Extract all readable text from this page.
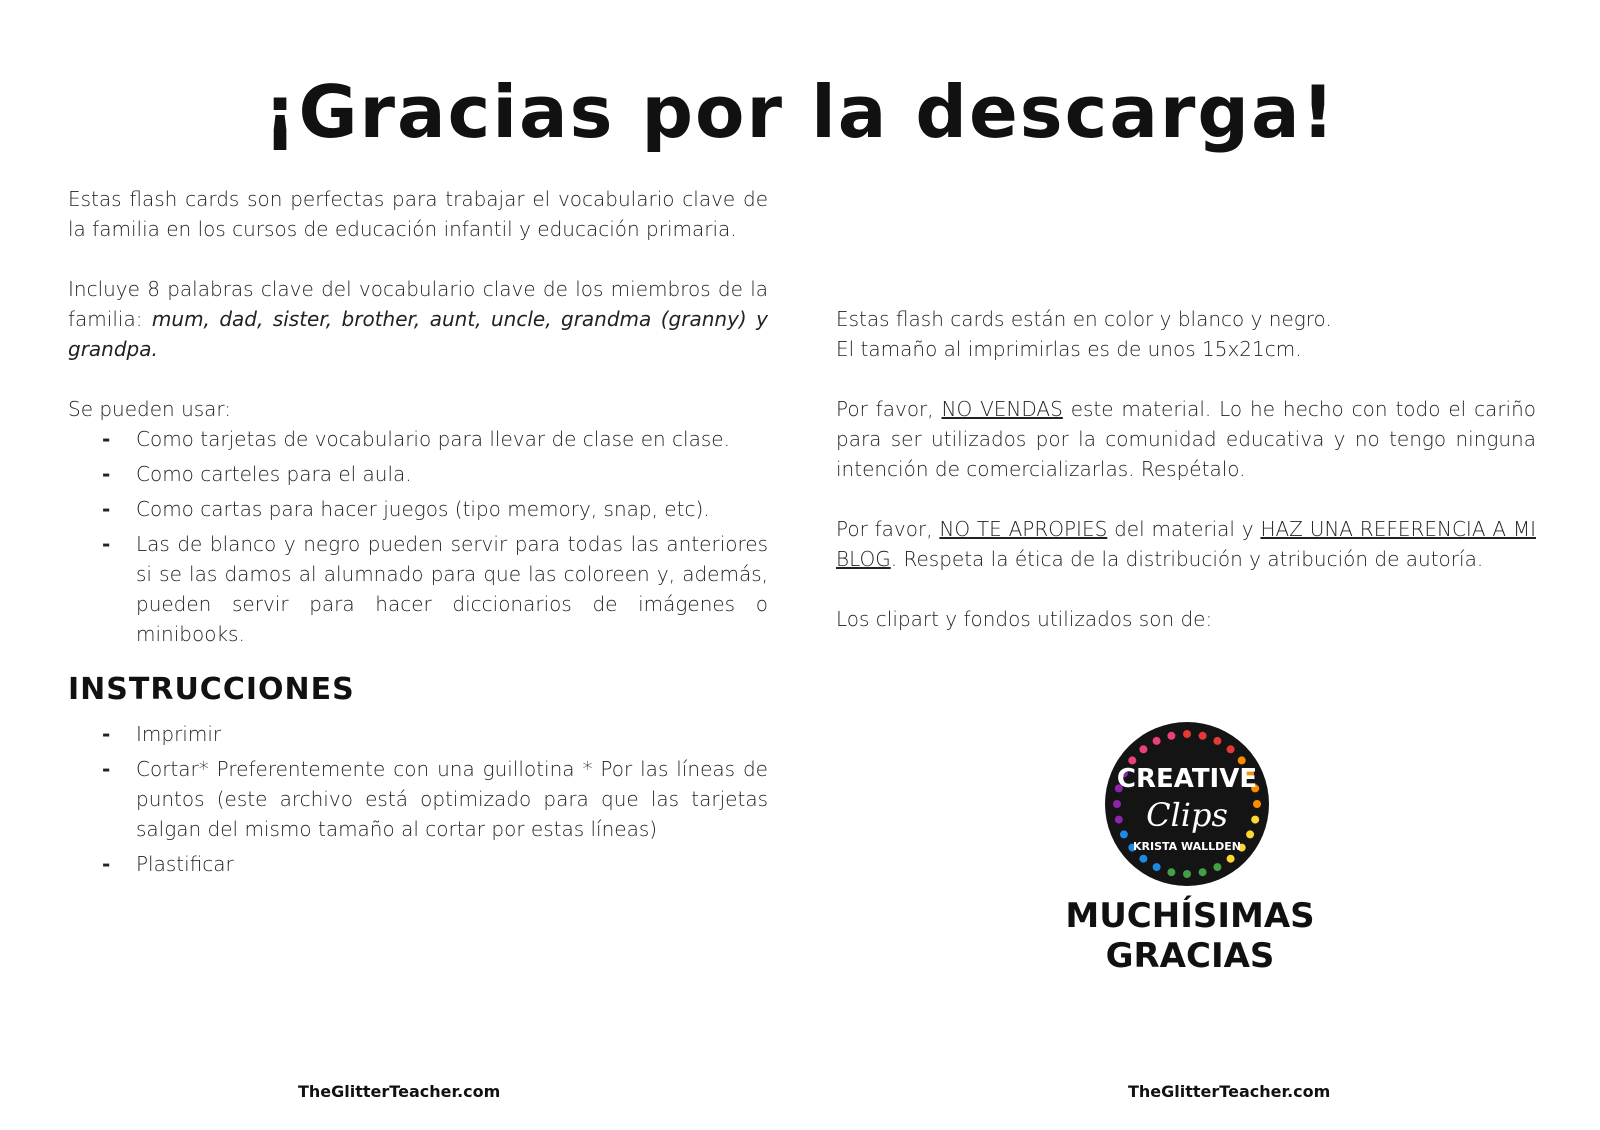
¡Gracias por la descarga!

Estas flash cards son perfectas para trabajar el vocabulario clave de la familia en los cursos de educación infantil y educación primaria.

Incluye 8 palabras clave del vocabulario clave de los miembros de la familia: mum, dad, sister, brother, aunt, uncle, grandma (granny) y grandpa.

Se pueden usar:

- Como tarjetas de vocabulario para llevar de clase en clase.
- Como carteles para el aula.
- Como cartas para hacer juegos (tipo memory, snap, etc).
- Las de blanco y negro pueden servir para todas las anteriores si se las damos al alumnado para que las coloreen y, además, pueden servir para hacer diccionarios de imágenes o minibooks.
INSTRUCCIONES
- Imprimir
- Cortar* Preferentemente con una guillotina * Por las líneas de puntos (este archivo está optimizado para que las tarjetas salgan del mismo tamaño al cortar por estas líneas)
- Plastificar

Estas flash cards están en color y blanco y negro.

El tamaño al imprimirlas es de unos 15x21cm.

Por favor, NO VENDAS este material. Lo he hecho con todo el cariño para ser utilizados por la comunidad educativa y no tengo ninguna intención de comercializarlas. Respétalo.

Por favor, NO TE APROPIES del material y HAZ UNA REFERENCIA A MI BLOG. Respeta la ética de la distribución y atribución de autoría.

Los clipart y fondos utilizados son de:

CREATIVE
Clips
KRISTA WALLDEN
MUCHÍSIMAS GRACIAS
TheGlitterTeacher.com	TheGlitterTeacher.com
